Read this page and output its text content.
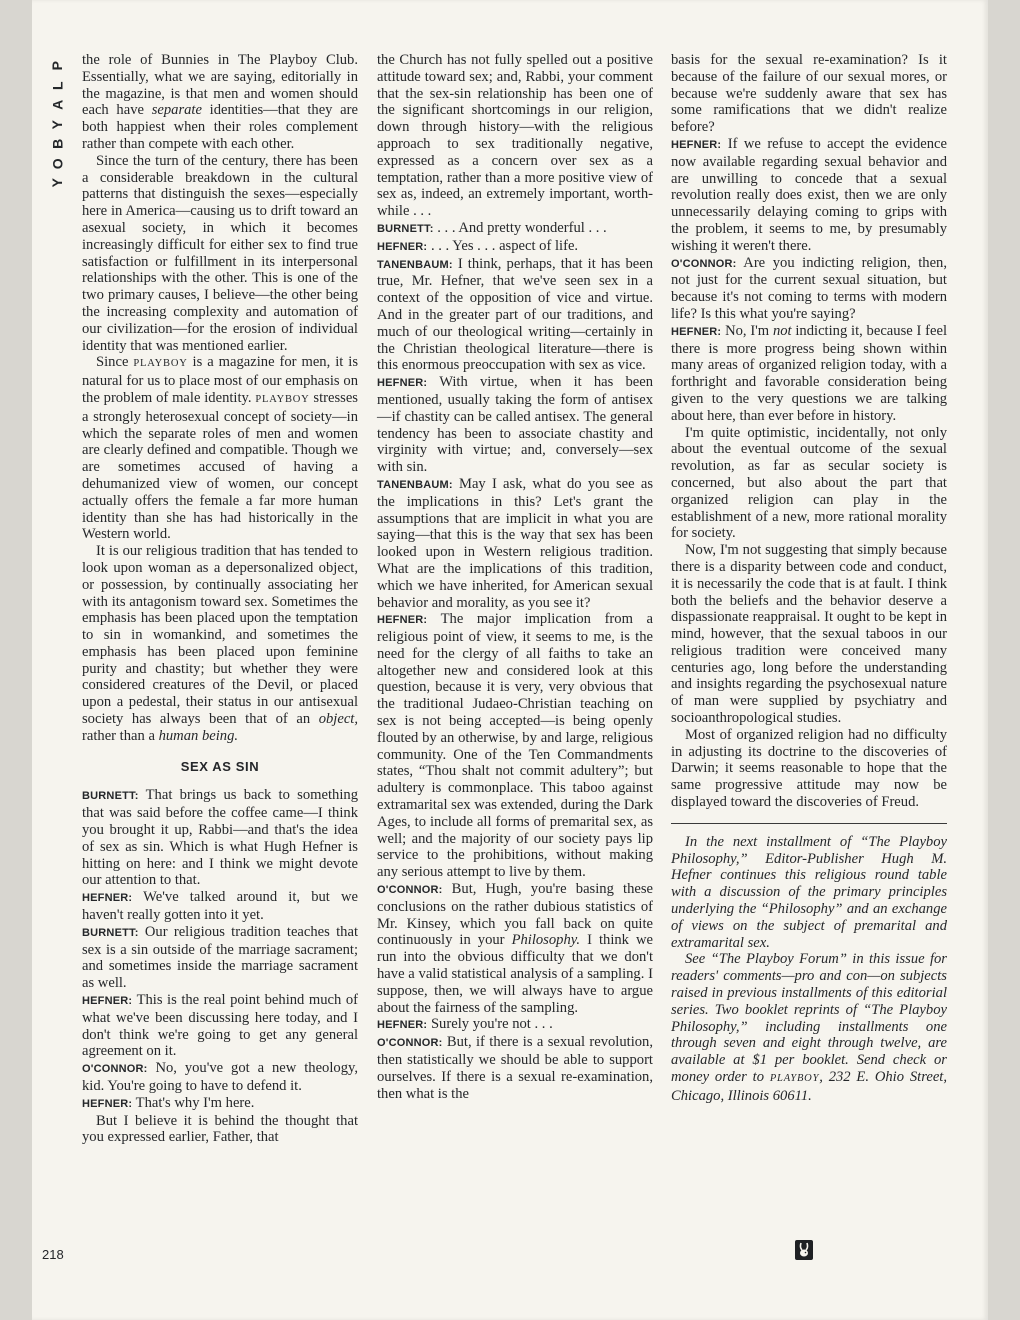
P
L
A
Y
B
O
Y

the role of Bunnies in The Playboy Club. Essentially, what we are saying, editorially in the magazine, is that men and women should each have separate identities—that they are both happiest when their roles complement rather than compete with each other.

Since the turn of the century, there has been a considerable breakdown in the cultural patterns that distinguish the sexes—especially here in America—causing us to drift toward an asexual society, in which it becomes increasingly difficult for either sex to find true satisfaction or fulfillment in its interpersonal relationships with the other. This is one of the two primary causes, I believe—the other being the increasing complexity and automation of our civilization—for the erosion of individual identity that was mentioned earlier.

Since PLAYBOY is a magazine for men, it is natural for us to place most of our emphasis on the problem of male identity. PLAYBOY stresses a strongly heterosexual concept of society—in which the separate roles of men and women are clearly defined and compatible. Though we are sometimes accused of having a dehumanized view of women, our concept actually offers the female a far more human identity than she has had historically in the Western world.

It is our religious tradition that has tended to look upon woman as a depersonalized object, or possession, by continually associating her with its antagonism toward sex. Sometimes the emphasis has been placed upon the temptation to sin in womankind, and sometimes the emphasis has been placed upon feminine purity and chastity; but whether they were considered creatures of the Devil, or placed upon a pedestal, their status in our antisexual society has always been that of an object, rather than a human being.

SEX AS SIN

BURNETT: That brings us back to something that was said before the coffee came—I think you brought it up, Rabbi—and that's the idea of sex as sin. Which is what Hugh Hefner is hitting on here: and I think we might devote our attention to that.

HEFNER: We've talked around it, but we haven't really gotten into it yet.

BURNETT: Our religious tradition teaches that sex is a sin outside of the marriage sacrament; and sometimes inside the marriage sacrament as well.

HEFNER: This is the real point behind much of what we've been discussing here today, and I don't think we're going to get any general agreement on it.

O'CONNOR: No, you've got a new theology, kid. You're going to have to defend it.

HEFNER: That's why I'm here.

But I believe it is behind the thought that you expressed earlier, Father, that

the Church has not fully spelled out a positive attitude toward sex; and, Rabbi, your comment that the sex-sin relationship has been one of the significant shortcomings in our religion, down through history—with the religious approach to sex traditionally negative, expressed as a concern over sex as a temptation, rather than a more positive view of sex as, indeed, an extremely important, worth-while . . .

BURNETT: . . . And pretty wonderful . . .

HEFNER: . . . Yes . . . aspect of life.

TANENBAUM: I think, perhaps, that it has been true, Mr. Hefner, that we've seen sex in a context of the opposition of vice and virtue. And in the greater part of our traditions, and much of our theological writing—certainly in the Christian theological literature—there is this enormous preoccupation with sex as vice.

HEFNER: With virtue, when it has been mentioned, usually taking the form of antisex—if chastity can be called antisex. The general tendency has been to associate chastity and virginity with virtue; and, conversely—sex with sin.

TANENBAUM: May I ask, what do you see as the implications in this? Let's grant the assumptions that are implicit in what you are saying—that this is the way that sex has been looked upon in Western religious tradition. What are the implications of this tradition, which we have inherited, for American sexual behavior and morality, as you see it?

HEFNER: The major implication from a religious point of view, it seems to me, is the need for the clergy of all faiths to take an altogether new and considered look at this question, because it is very, very obvious that the traditional Judaeo-Christian teaching on sex is not being accepted—is being openly flouted by an otherwise, by and large, religious community. One of the Ten Commandments states, “Thou shalt not commit adultery”; but adultery is commonplace. This taboo against extramarital sex was extended, during the Dark Ages, to include all forms of premarital sex, as well; and the majority of our society pays lip service to the prohibitions, without making any serious attempt to live by them.

O'CONNOR: But, Hugh, you're basing these conclusions on the rather dubious statistics of Mr. Kinsey, which you fall back on quite continuously in your Philosophy. I think we run into the obvious difficulty that we don't have a valid statistical analysis of a sampling. I suppose, then, we will always have to argue about the fairness of the sampling.

HEFNER: Surely you're not . . .

O'CONNOR: But, if there is a sexual revolution, then statistically we should be able to support ourselves. If there is a sexual re-examination, then what is the

basis for the sexual re-examination? Is it because of the failure of our sexual mores, or because we're suddenly aware that sex has some ramifications that we didn't realize before?

HEFNER: If we refuse to accept the evidence now available regarding sexual behavior and are unwilling to concede that a sexual revolution really does exist, then we are only unnecessarily delaying coming to grips with the problem, it seems to me, by presumably wishing it weren't there.

O'CONNOR: Are you indicting religion, then, not just for the current sexual situation, but because it's not coming to terms with modern life? Is this what you're saying?

HEFNER: No, I'm not indicting it, because I feel there is more progress being shown within many areas of organized religion today, with a forthright and favorable consideration being given to the very questions we are talking about here, than ever before in history.

I'm quite optimistic, incidentally, not only about the eventual outcome of the sexual revolution, as far as secular society is concerned, but also about the part that organized religion can play in the establishment of a new, more rational morality for society.

Now, I'm not suggesting that simply because there is a disparity between code and conduct, it is necessarily the code that is at fault. I think both the beliefs and the behavior deserve a dispassionate reappraisal. It ought to be kept in mind, however, that the sexual taboos in our religious tradition were conceived many centuries ago, long before the understanding and insights regarding the psychosexual nature of man were supplied by psychiatry and socioanthropological studies.

Most of organized religion had no difficulty in adjusting its doctrine to the discoveries of Darwin; it seems reasonable to hope that the same progressive attitude may now be displayed toward the discoveries of Freud.

In the next installment of “The Playboy Philosophy,” Editor-Publisher Hugh M. Hefner continues this religious round table with a discussion of the primary principles underlying the “Philosophy” and an exchange of views on the subject of premarital and extramarital sex.

See “The Playboy Forum” in this issue for readers' comments—pro and con—on subjects raised in previous installments of this editorial series. Two booklet reprints of “The Playboy Philosophy,” including installments one through seven and eight through twelve, are available at $1 per booklet. Send check or money order to PLAYBOY, 232 E. Ohio Street, Chicago, Illinois 60611.

218
